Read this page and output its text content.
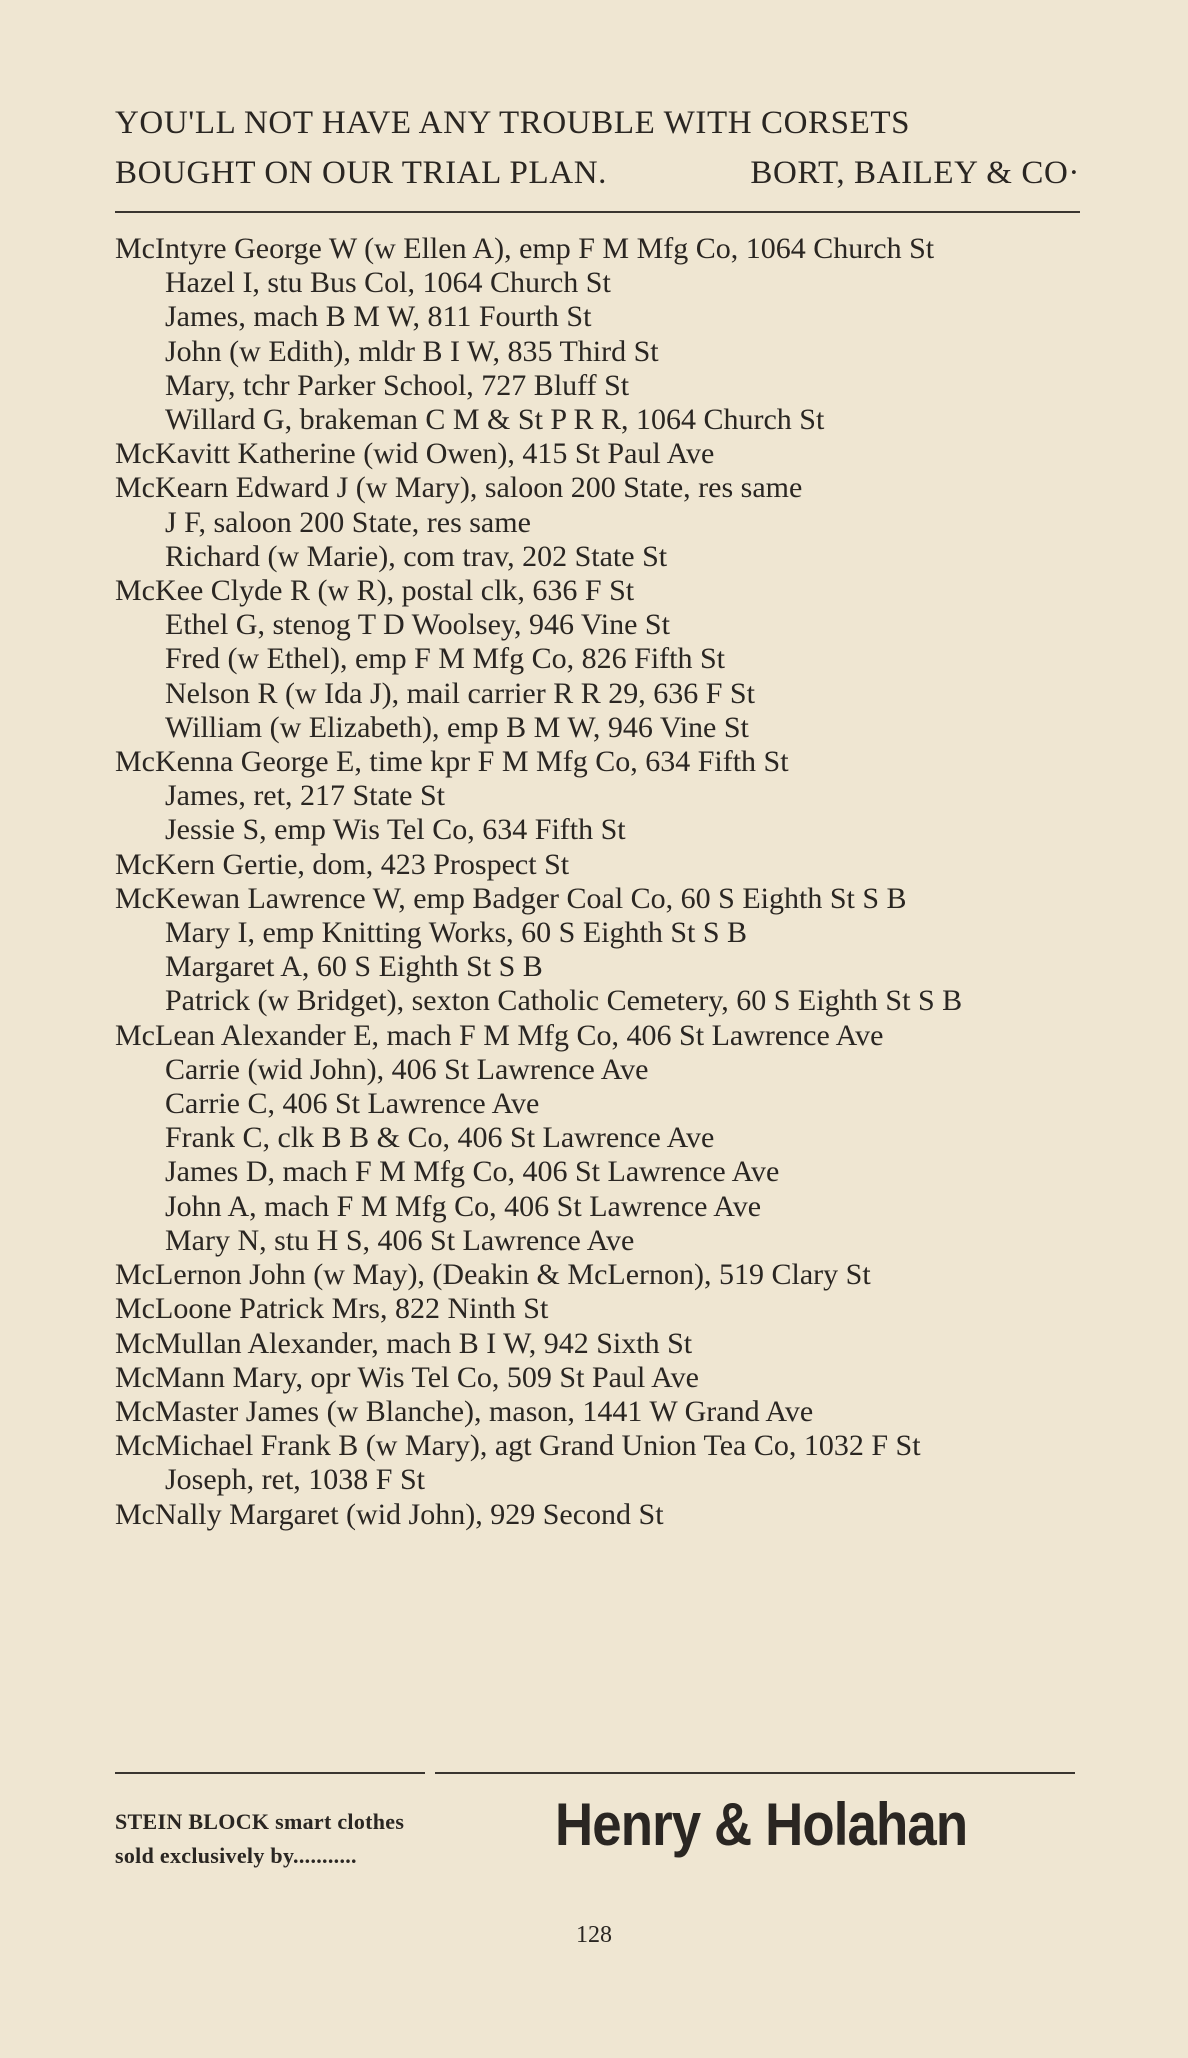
YOU'LL NOT HAVE ANY TROUBLE WITH CORSETS
BOUGHT ON OUR TRIAL PLAN.	BORT, BAILEY & CO·
McIntyre George W (w Ellen A), emp F M Mfg Co, 1064 Church St
Hazel I, stu Bus Col, 1064 Church St
James, mach B M W, 811 Fourth St
John (w Edith), mldr B I W, 835 Third St
Mary, tchr Parker School, 727 Bluff St
Willard G, brakeman C M & St P R R, 1064 Church St
McKavitt Katherine (wid Owen), 415 St Paul Ave
McKearn Edward J (w Mary), saloon 200 State, res same
J F, saloon 200 State, res same
Richard (w Marie), com trav, 202 State St
McKee Clyde R (w R), postal clk, 636 F St
Ethel G, stenog T D Woolsey, 946 Vine St
Fred (w Ethel), emp F M Mfg Co, 826 Fifth St
Nelson R (w Ida J), mail carrier R R 29, 636 F St
William (w Elizabeth), emp B M W, 946 Vine St
McKenna George E, time kpr F M Mfg Co, 634 Fifth St
James, ret, 217 State St
Jessie S, emp Wis Tel Co, 634 Fifth St
McKern Gertie, dom, 423 Prospect St
McKewan Lawrence W, emp Badger Coal Co, 60 S Eighth St S B
Mary I, emp Knitting Works, 60 S Eighth St S B
Margaret A, 60 S Eighth St S B
Patrick (w Bridget), sexton Catholic Cemetery, 60 S Eighth St S B
McLean Alexander E, mach F M Mfg Co, 406 St Lawrence Ave
Carrie (wid John), 406 St Lawrence Ave
Carrie C, 406 St Lawrence Ave
Frank C, clk B B & Co, 406 St Lawrence Ave
James D, mach F M Mfg Co, 406 St Lawrence Ave
John A, mach F M Mfg Co, 406 St Lawrence Ave
Mary N, stu H S, 406 St Lawrence Ave
McLernon John (w May), (Deakin & McLernon), 519 Clary St
McLoone Patrick Mrs, 822 Ninth St
McMullan Alexander, mach B I W, 942 Sixth St
McMann Mary, opr Wis Tel Co, 509 St Paul Ave
McMaster James (w Blanche), mason, 1441 W Grand Ave
McMichael Frank B (w Mary), agt Grand Union Tea Co, 1032 F St
Joseph, ret, 1038 F St
McNally Margaret (wid John), 929 Second St
STEIN BLOCK smart clothes
sold exclusively by...........	Henry & Holahan
128
